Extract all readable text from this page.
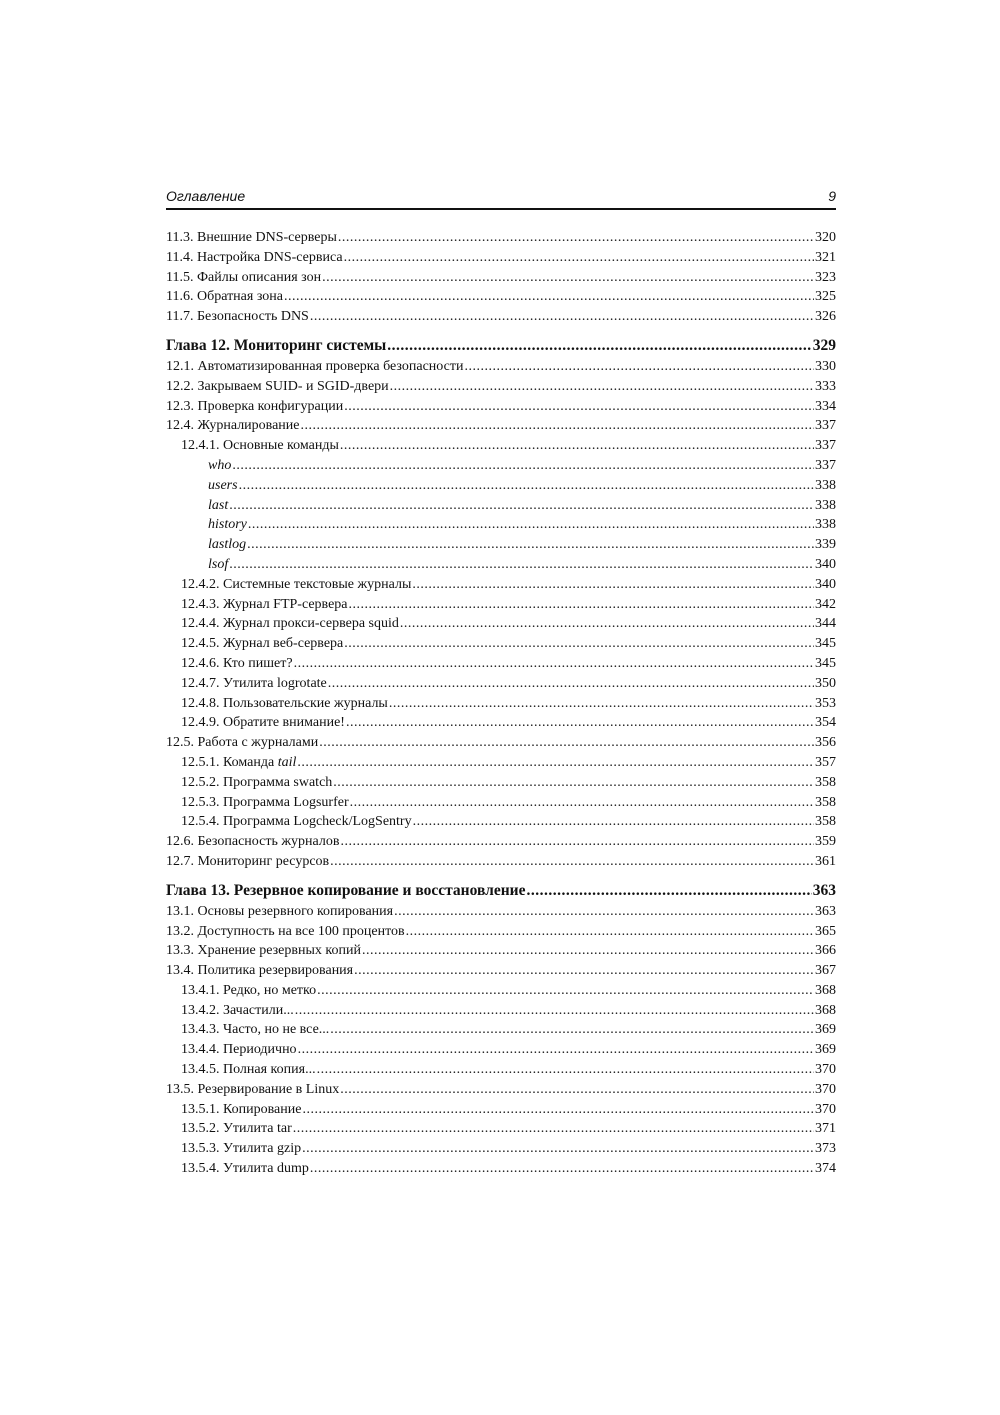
Оглавление	9
11.3. Внешние DNS-серверы .....	320
11.4. Настройка DNS-сервиса .....	321
11.5. Файлы описания зон .....	323
11.6. Обратная зона .....	325
11.7. Безопасность DNS .....	326
Глава 12. Мониторинг системы .....	329
12.1. Автоматизированная проверка безопасности .....	330
12.2. Закрываем SUID- и SGID-двери .....	333
12.3. Проверка конфигурации .....	334
12.4. Журналирование .....	337
12.4.1. Основные команды .....	337
who .....	337
users .....	338
last .....	338
history .....	338
lastlog .....	339
lsof .....	340
12.4.2. Системные текстовые журналы .....	340
12.4.3. Журнал FTP-сервера .....	342
12.4.4. Журнал прокси-сервера squid .....	344
12.4.5. Журнал веб-сервера .....	345
12.4.6. Кто пишет? .....	345
12.4.7. Утилита logrotate .....	350
12.4.8. Пользовательские журналы .....	353
12.4.9. Обратите внимание! .....	354
12.5. Работа с журналами .....	356
12.5.1. Команда tail .....	357
12.5.2. Программа swatch .....	358
12.5.3. Программа Logsurfer .....	358
12.5.4. Программа Logcheck/LogSentry .....	358
12.6. Безопасность журналов .....	359
12.7. Мониторинг ресурсов .....	361
Глава 13. Резервное копирование и восстановление .....	363
13.1. Основы резервного копирования .....	363
13.2. Доступность на все 100 процентов .....	365
13.3. Хранение резервных копий .....	366
13.4. Политика резервирования .....	367
13.4.1. Редко, но метко .....	368
13.4.2. Зачастили... .....	368
13.4.3. Часто, но не все... .....	369
13.4.4. Периодично .....	369
13.4.5. Полная копия... .....	370
13.5. Резервирование в Linux .....	370
13.5.1. Копирование .....	370
13.5.2. Утилита tar .....	371
13.5.3. Утилита gzip .....	373
13.5.4. Утилита dump .....	374
